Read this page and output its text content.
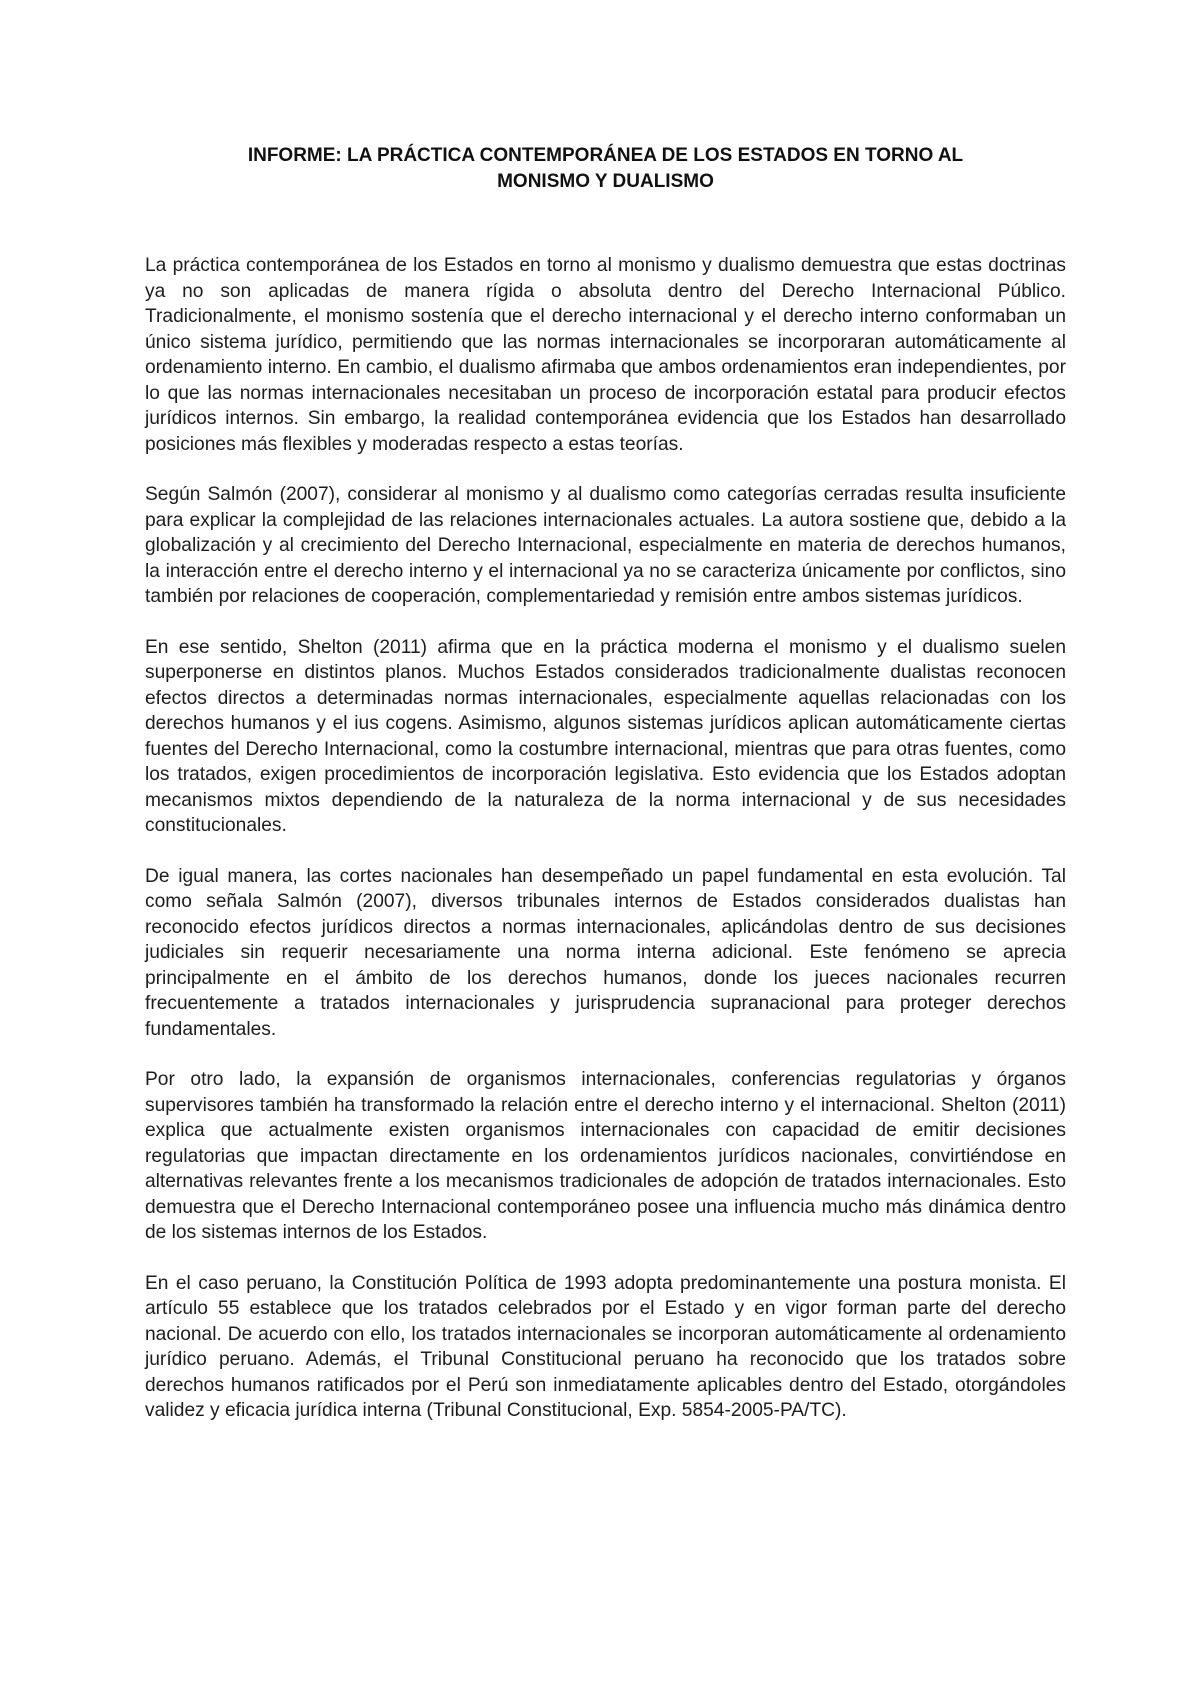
INFORME: LA PRÁCTICA CONTEMPORÁNEA DE LOS ESTADOS EN TORNO AL
MONISMO Y DUALISMO

La práctica contemporánea de los Estados en torno al monismo y dualismo demuestra que estas doctrinas ya no son aplicadas de manera rígida o absoluta dentro del Derecho Internacional Público. Tradicionalmente, el monismo sostenía que el derecho internacional y el derecho interno conformaban un único sistema jurídico, permitiendo que las normas internacionales se incorporaran automáticamente al ordenamiento interno. En cambio, el dualismo afirmaba que ambos ordenamientos eran independientes, por lo que las normas internacionales necesitaban un proceso de incorporación estatal para producir efectos jurídicos internos. Sin embargo, la realidad contemporánea evidencia que los Estados han desarrollado posiciones más flexibles y moderadas respecto a estas teorías.

Según Salmón (2007), considerar al monismo y al dualismo como categorías cerradas resulta insuficiente para explicar la complejidad de las relaciones internacionales actuales. La autora sostiene que, debido a la globalización y al crecimiento del Derecho Internacional, especialmente en materia de derechos humanos, la interacción entre el derecho interno y el internacional ya no se caracteriza únicamente por conflictos, sino también por relaciones de cooperación, complementariedad y remisión entre ambos sistemas jurídicos.

En ese sentido, Shelton (2011) afirma que en la práctica moderna el monismo y el dualismo suelen superponerse en distintos planos. Muchos Estados considerados tradicionalmente dualistas reconocen efectos directos a determinadas normas internacionales, especialmente aquellas relacionadas con los derechos humanos y el ius cogens. Asimismo, algunos sistemas jurídicos aplican automáticamente ciertas fuentes del Derecho Internacional, como la costumbre internacional, mientras que para otras fuentes, como los tratados, exigen procedimientos de incorporación legislativa. Esto evidencia que los Estados adoptan mecanismos mixtos dependiendo de la naturaleza de la norma internacional y de sus necesidades constitucionales.

De igual manera, las cortes nacionales han desempeñado un papel fundamental en esta evolución. Tal como señala Salmón (2007), diversos tribunales internos de Estados considerados dualistas han reconocido efectos jurídicos directos a normas internacionales, aplicándolas dentro de sus decisiones judiciales sin requerir necesariamente una norma interna adicional. Este fenómeno se aprecia principalmente en el ámbito de los derechos humanos, donde los jueces nacionales recurren frecuentemente a tratados internacionales y jurisprudencia supranacional para proteger derechos fundamentales.

Por otro lado, la expansión de organismos internacionales, conferencias regulatorias y órganos supervisores también ha transformado la relación entre el derecho interno y el internacional. Shelton (2011) explica que actualmente existen organismos internacionales con capacidad de emitir decisiones regulatorias que impactan directamente en los ordenamientos jurídicos nacionales, convirtiéndose en alternativas relevantes frente a los mecanismos tradicionales de adopción de tratados internacionales. Esto demuestra que el Derecho Internacional contemporáneo posee una influencia mucho más dinámica dentro de los sistemas internos de los Estados.

En el caso peruano, la Constitución Política de 1993 adopta predominantemente una postura monista. El artículo 55 establece que los tratados celebrados por el Estado y en vigor forman parte del derecho nacional. De acuerdo con ello, los tratados internacionales se incorporan automáticamente al ordenamiento jurídico peruano. Además, el Tribunal Constitucional peruano ha reconocido que los tratados sobre derechos humanos ratificados por el Perú son inmediatamente aplicables dentro del Estado, otorgándoles validez y eficacia jurídica interna (Tribunal Constitucional, Exp. 5854-2005-PA/TC).
